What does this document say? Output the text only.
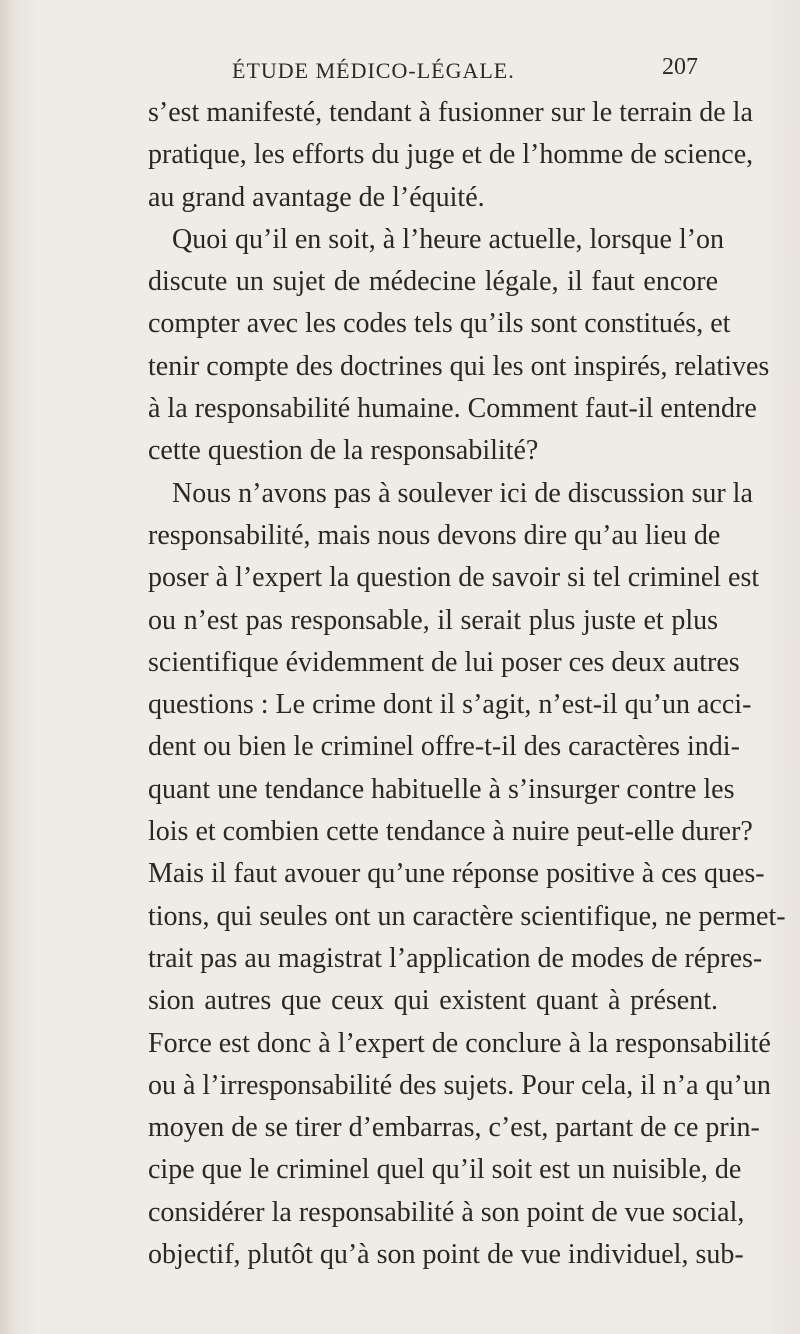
ÉTUDE MÉDICO-LÉGALE.	207
s’est manifesté, tendant à fusionner sur le terrain de la
pratique, les efforts du juge et de l’homme de science,
au grand avantage de l’équité.
Quoi qu’il en soit, à l’heure actuelle, lorsque l’on
discute un sujet de médecine légale, il faut encore
compter avec les codes tels qu’ils sont constitués, et
tenir compte des doctrines qui les ont inspirés, relatives
à la responsabilité humaine. Comment faut-il entendre
cette question de la responsabilité?
Nous n’avons pas à soulever ici de discussion sur la
responsabilité, mais nous devons dire qu’au lieu de
poser à l’expert la question de savoir si tel criminel est
ou n’est pas responsable, il serait plus juste et plus
scientifique évidemment de lui poser ces deux autres
questions : Le crime dont il s’agit, n’est-il qu’un acci-
dent ou bien le criminel offre-t-il des caractères indi-
quant une tendance habituelle à s’insurger contre les
lois et combien cette tendance à nuire peut-elle durer?
Mais il faut avouer qu’une réponse positive à ces ques-
tions, qui seules ont un caractère scientifique, ne permet-
trait pas au magistrat l’application de modes de répres-
sion autres que ceux qui existent quant à présent.
Force est donc à l’expert de conclure à la responsabilité
ou à l’irresponsabilité des sujets. Pour cela, il n’a qu’un
moyen de se tirer d’embarras, c’est, partant de ce prin-
cipe que le criminel quel qu’il soit est un nuisible, de
considérer la responsabilité à son point de vue social,
objectif, plutôt qu’à son point de vue individuel, sub-
